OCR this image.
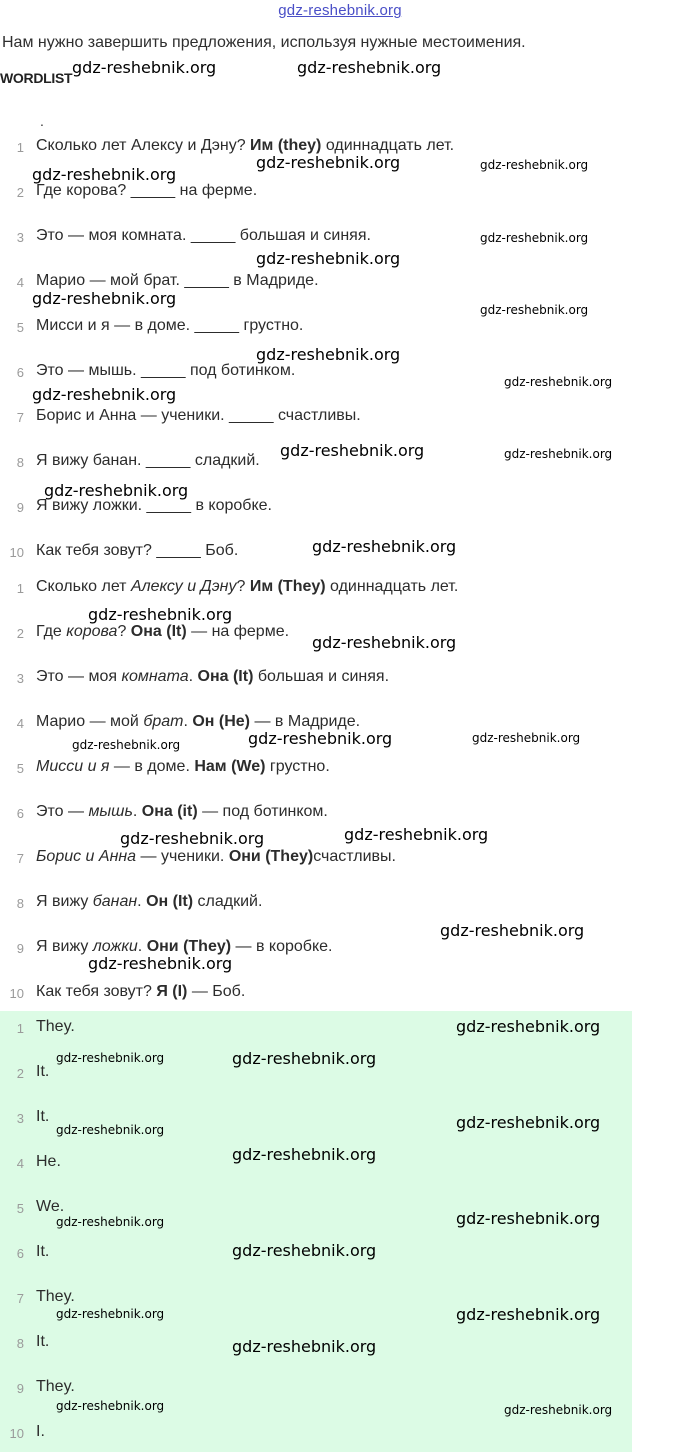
gdz-reshebnik.org
Нам нужно завершить предложения, используя нужные местоимения.
WORDLIST
.
1 Сколько лет Алексу и Дэну? Им (they) одиннадцать лет.
2 Где корова? _____ на ферме.
3 Это — моя комната. _____ большая и синяя.
4 Марио — мой брат. _____ в Мадриде.
5 Мисси и я — в доме. _____ грустно.
6 Это — мышь. _____ под ботинком.
7 Борис и Анна — ученики. _____ счастливы.
8 Я вижу банан. _____ сладкий.
9 Я вижу ложки. _____ в коробке.
10 Как тебя зовут? _____ Боб.
1 Сколько лет Алексу и Дэну? Им (They) одиннадцать лет.
2 Где корова? Она (It) — на ферме.
3 Это — моя комната. Она (It) большая и синяя.
4 Марио — мой брат. Он (He) — в Мадриде.
5 Мисси и я — в доме. Нам (We) грустно.
6 Это — мышь. Она (it) — под ботинком.
7 Борис и Анна — ученики. Они (They)счастливы.
8 Я вижу банан. Он (It) сладкий.
9 Я вижу ложки. Они (They) — в коробке.
10 Как тебя зовут? Я (I) — Боб.
1 They.
2 It.
3 It.
4 He.
5 We.
6 It.
7 They.
8 It.
9 They.
10 I.
gdz-reshebnik.org	gdz-reshebnik.org
gdz-reshebnik.org	gdz-reshebnik.org
gdz-reshebnik.org
gdz-reshebnik.org
gdz-reshebnik.org
gdz-reshebnik.org
gdz-reshebnik.org
gdz-reshebnik.org
gdz-reshebnik.org
gdz-reshebnik.org
gdz-reshebnik.org	gdz-reshebnik.org
gdz-reshebnik.org
gdz-reshebnik.org
gdz-reshebnik.org
gdz-reshebnik.org
gdz-reshebnik.org	gdz-reshebnik.org	gdz-reshebnik.org
gdz-reshebnik.org	gdz-reshebnik.org
gdz-reshebnik.org
gdz-reshebnik.org
gdz-reshebnik.org
gdz-reshebnik.org	gdz-reshebnik.org
gdz-reshebnik.org
gdz-reshebnik.org
gdz-reshebnik.org
gdz-reshebnik.org	gdz-reshebnik.org
gdz-reshebnik.org
gdz-reshebnik.org	gdz-reshebnik.org
gdz-reshebnik.org
gdz-reshebnik.org	gdz-reshebnik.org
